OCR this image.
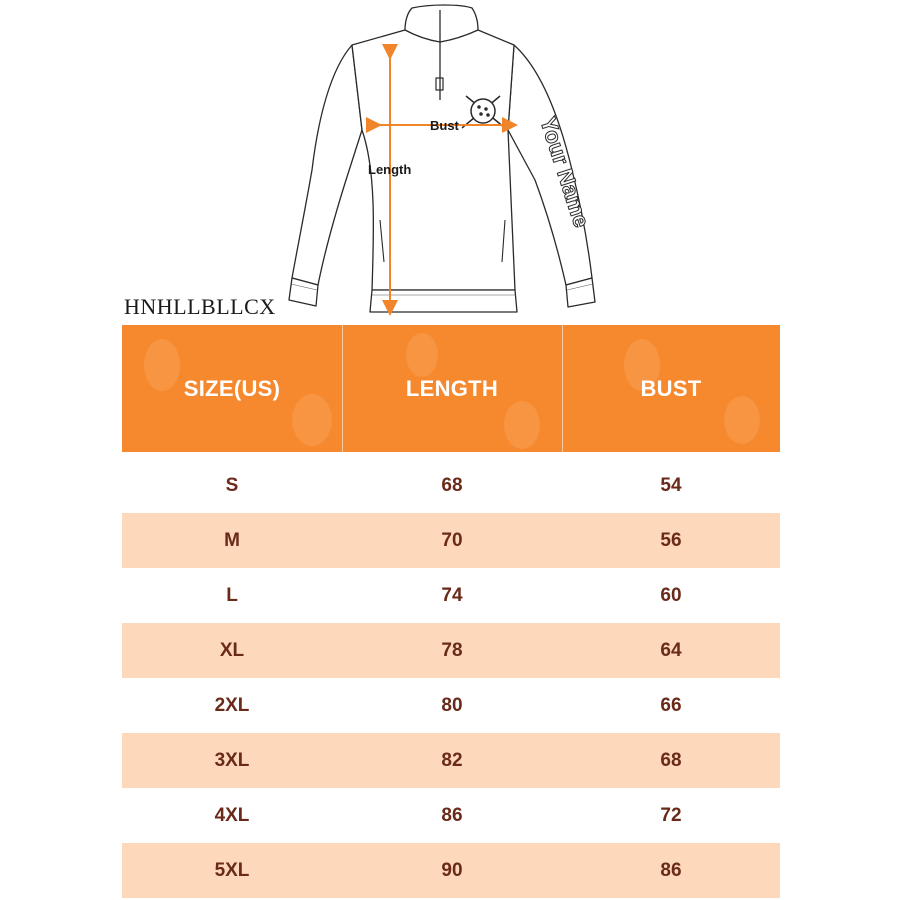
Your Name
Bust
Length
HNHLLBLLCX
SIZE(US)	LENGTH	BUST
S	68	54
M	70	56
L	74	60
XL	78	64
2XL	80	66
3XL	82	68
4XL	86	72
5XL	90	86
